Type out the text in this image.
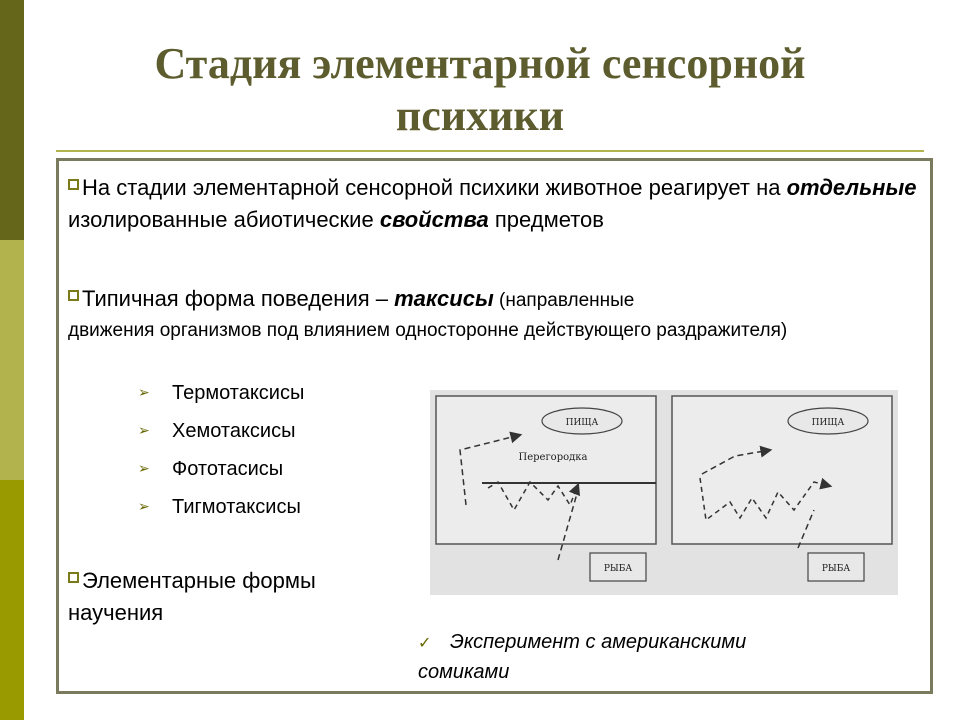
Стадия элементарной сенсорной
психики
На стадии элементарной сенсорной психики животное реагирует на отдельные изолированные абиотические свойства предметов
Типичная форма поведения – таксисы (направленные
движения организмов под влиянием односторонне действующего раздражителя)
➢ Термотаксисы
➢ Хемотаксисы
➢ Фототасисы
➢ Тигмотаксисы
Элементарные формы научения
ПИЩА
Перегородка
РЫБА
ПИЩА
РЫБА
✓ Эксперимент с американскими
сомиками
